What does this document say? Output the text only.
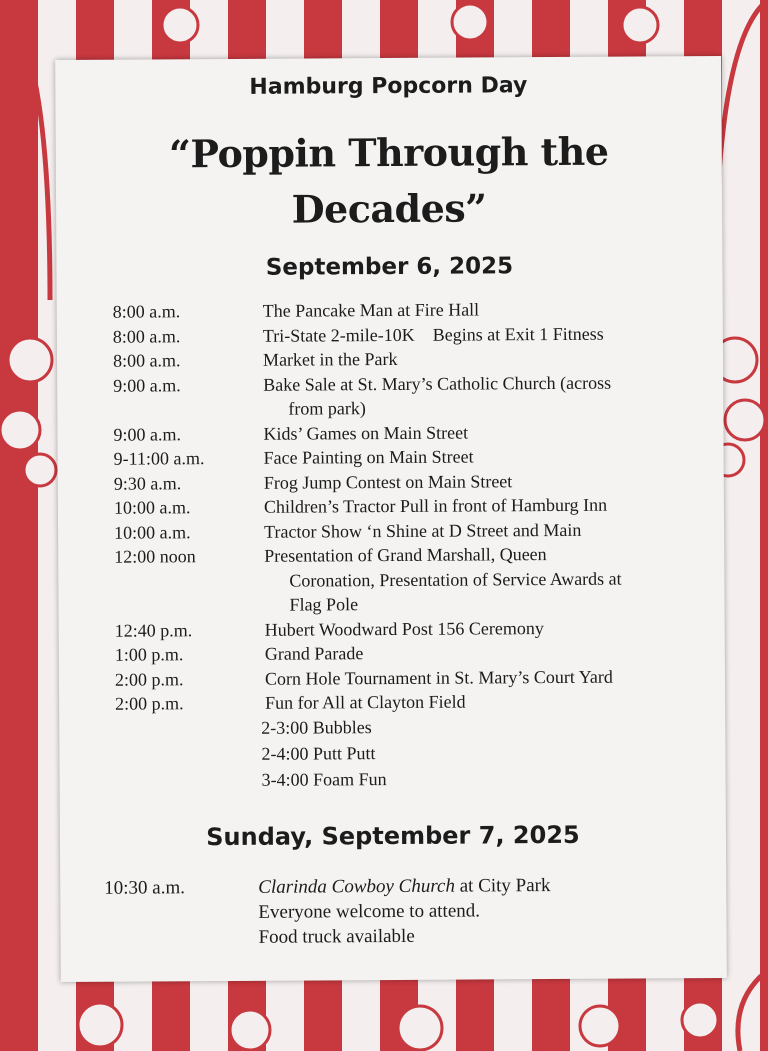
Hamburg Popcorn Day
“Poppin Through the
Decades”
September 6, 2025
8:00 a.m.	The Pancake Man at Fire Hall
8:00 a.m.	Tri-State 2-mile-10K    Begins at Exit 1 Fitness
8:00 a.m.	Market in the Park
9:00 a.m.	Bake Sale at St. Mary’s Catholic Church (across
from park)
9:00 a.m.	Kids’ Games on Main Street
9-11:00 a.m.	Face Painting on Main Street
9:30 a.m.	Frog Jump Contest on Main Street
10:00 a.m.	Children’s Tractor Pull in front of Hamburg Inn
10:00 a.m.	Tractor Show ‘n Shine at D Street and Main
12:00 noon	Presentation of Grand Marshall, Queen
Coronation, Presentation of Service Awards at
Flag Pole
12:40 p.m.	Hubert Woodward Post 156 Ceremony
1:00 p.m.	Grand Parade
2:00 p.m.	Corn Hole Tournament in St. Mary’s Court Yard
2:00 p.m.	Fun for All at Clayton Field
2-3:00 Bubbles
2-4:00 Putt Putt
3-4:00 Foam Fun
Sunday, September 7, 2025
10:30 a.m.	Clarinda Cowboy Church at City Park
Everyone welcome to attend.
Food truck available
